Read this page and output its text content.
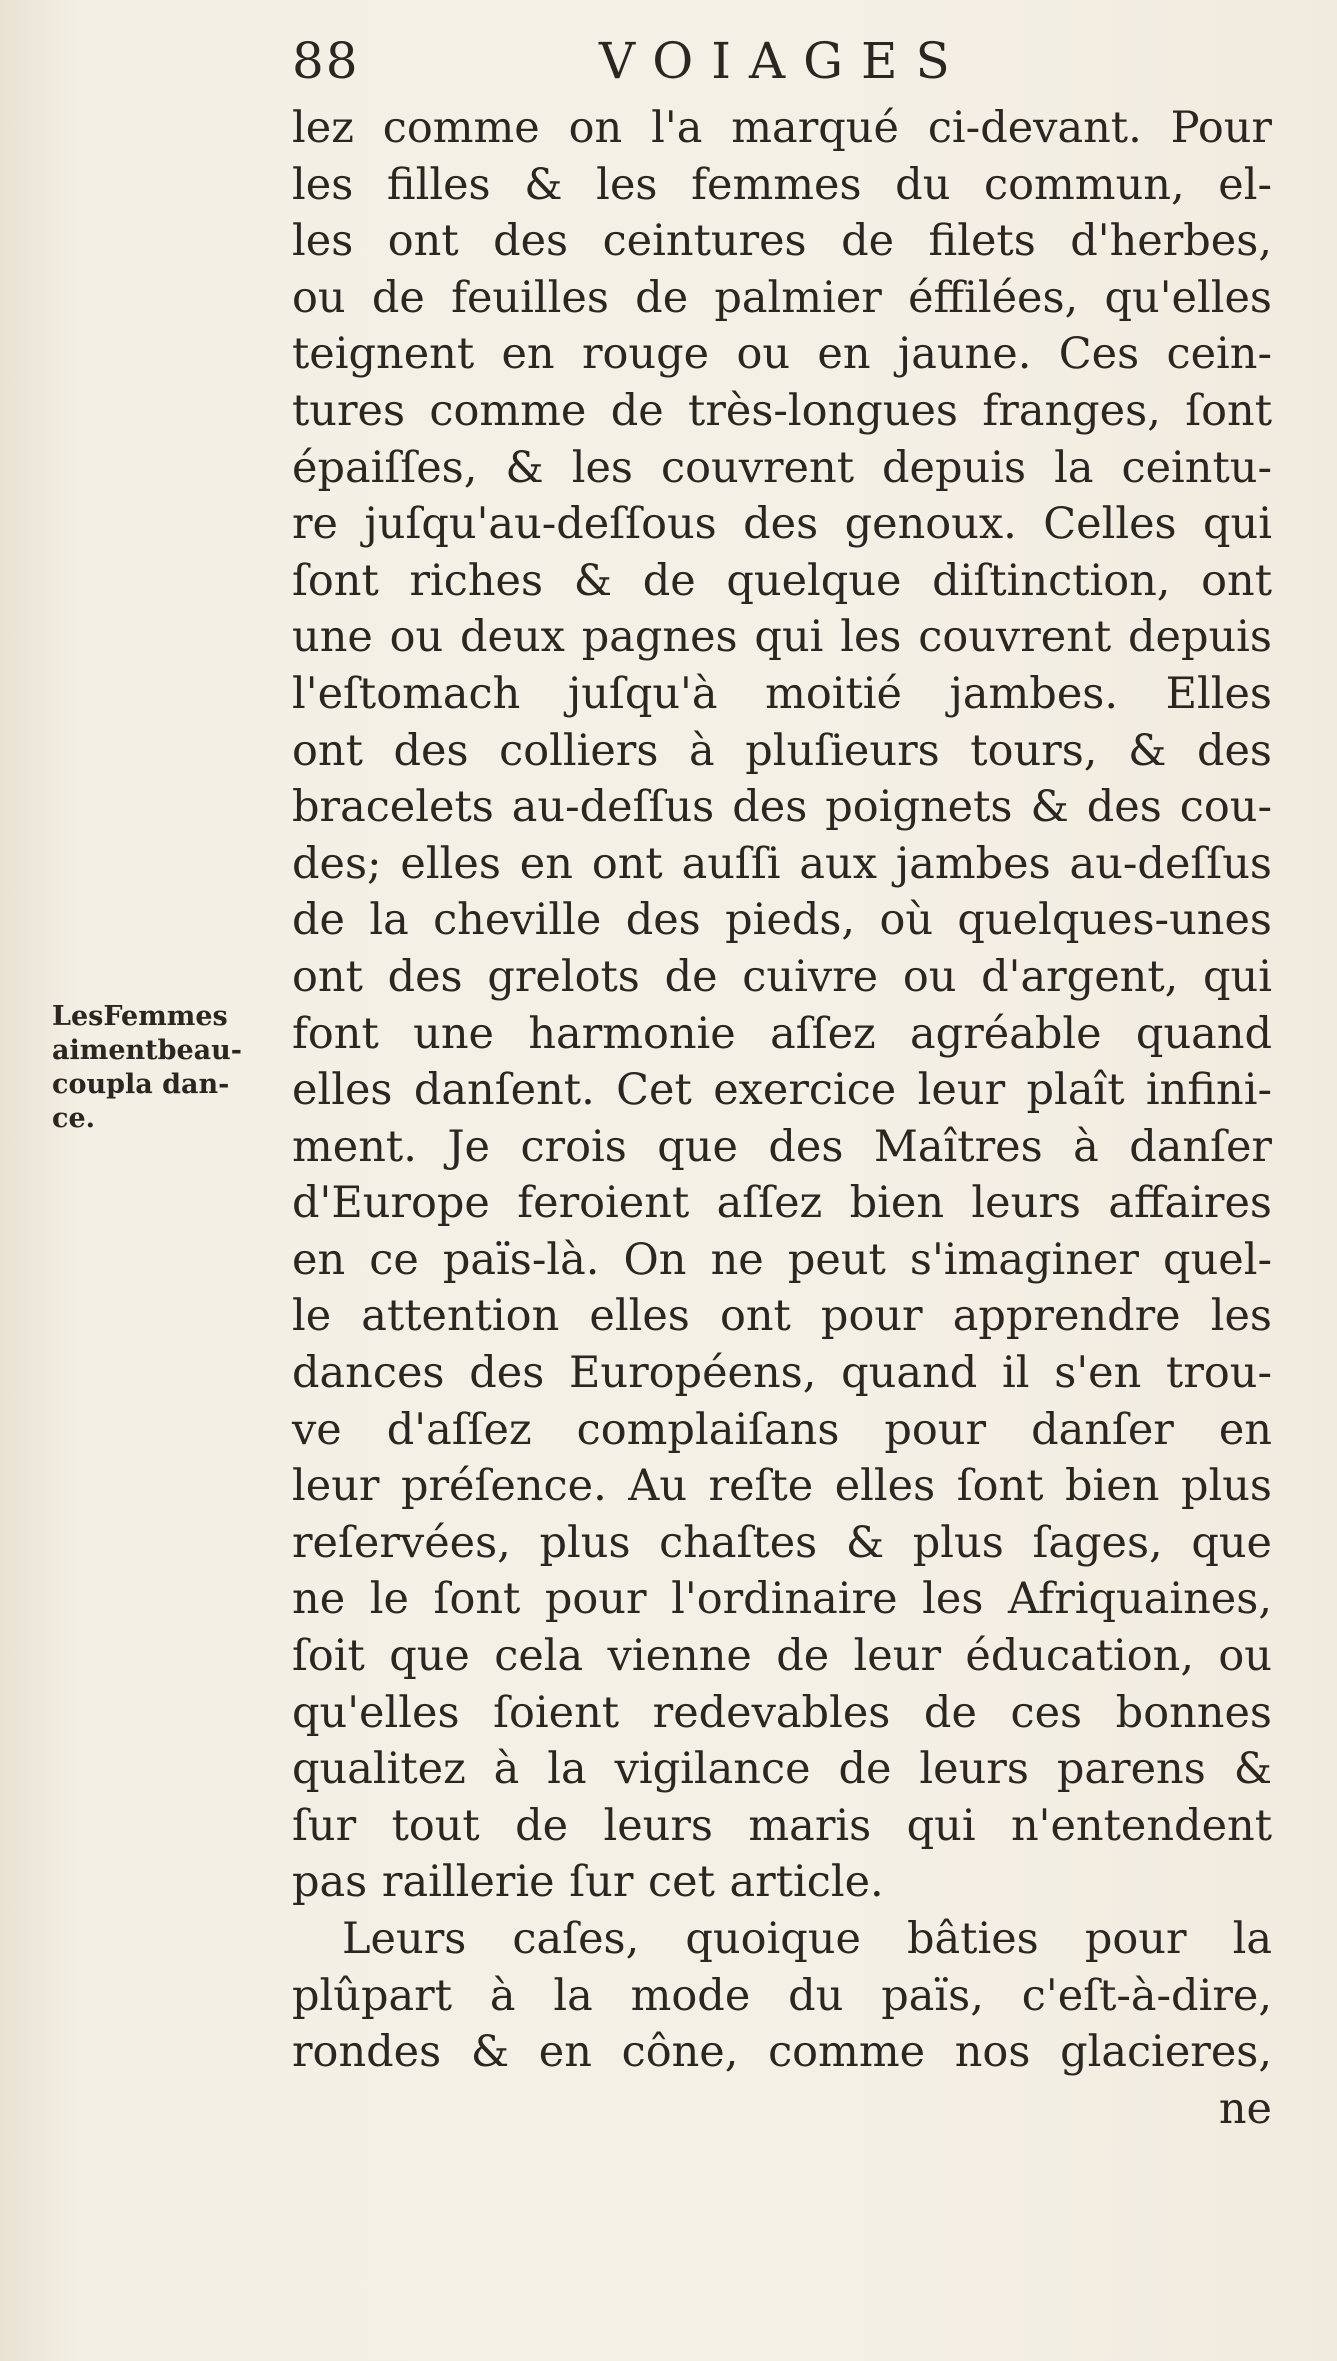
88	VOIAGES
LesFemmes
aimentbeau-
coupla dan-
ce.
lez comme on l'a marqué ci-devant. Pour
les filles & les femmes du commun, el-
les ont des ceintures de filets d'herbes,
ou de feuilles de palmier éffilées, qu'elles
teignent en rouge ou en jaune. Ces cein-
tures comme de très-longues franges, ſont
épaiſſes, & les couvrent depuis la ceintu-
re juſqu'au-deſſous des genoux. Celles qui
ſont riches & de quelque diſtinction, ont
une ou deux pagnes qui les couvrent depuis
l'eſtomach juſqu'à moitié jambes. Elles
ont des colliers à pluſieurs tours, & des
bracelets au-deſſus des poignets & des cou-
des; elles en ont auſſi aux jambes au-deſſus
de la cheville des pieds, où quelques-unes
ont des grelots de cuivre ou d'argent, qui
font une harmonie aſſez agréable quand
elles danſent. Cet exercice leur plaît infini-
ment. Je crois que des Maîtres à danſer
d'Europe feroient aſſez bien leurs affaires
en ce païs-là. On ne peut s'imaginer quel-
le attention elles ont pour apprendre les
dances des Européens, quand il s'en trou-
ve d'aſſez complaiſans pour danſer en
leur préſence. Au reſte elles ſont bien plus
reſervées, plus chaſtes & plus ſages, que
ne le ſont pour l'ordinaire les Afriquaines,
ſoit que cela vienne de leur éducation, ou
qu'elles ſoient redevables de ces bonnes
qualitez à la vigilance de leurs parens &
ſur tout de leurs maris qui n'entendent
pas raillerie ſur cet article.
Leurs caſes, quoique bâties pour la
plûpart à la mode du païs, c'eſt-à-dire,
rondes & en cône, comme nos glacieres,
ne
